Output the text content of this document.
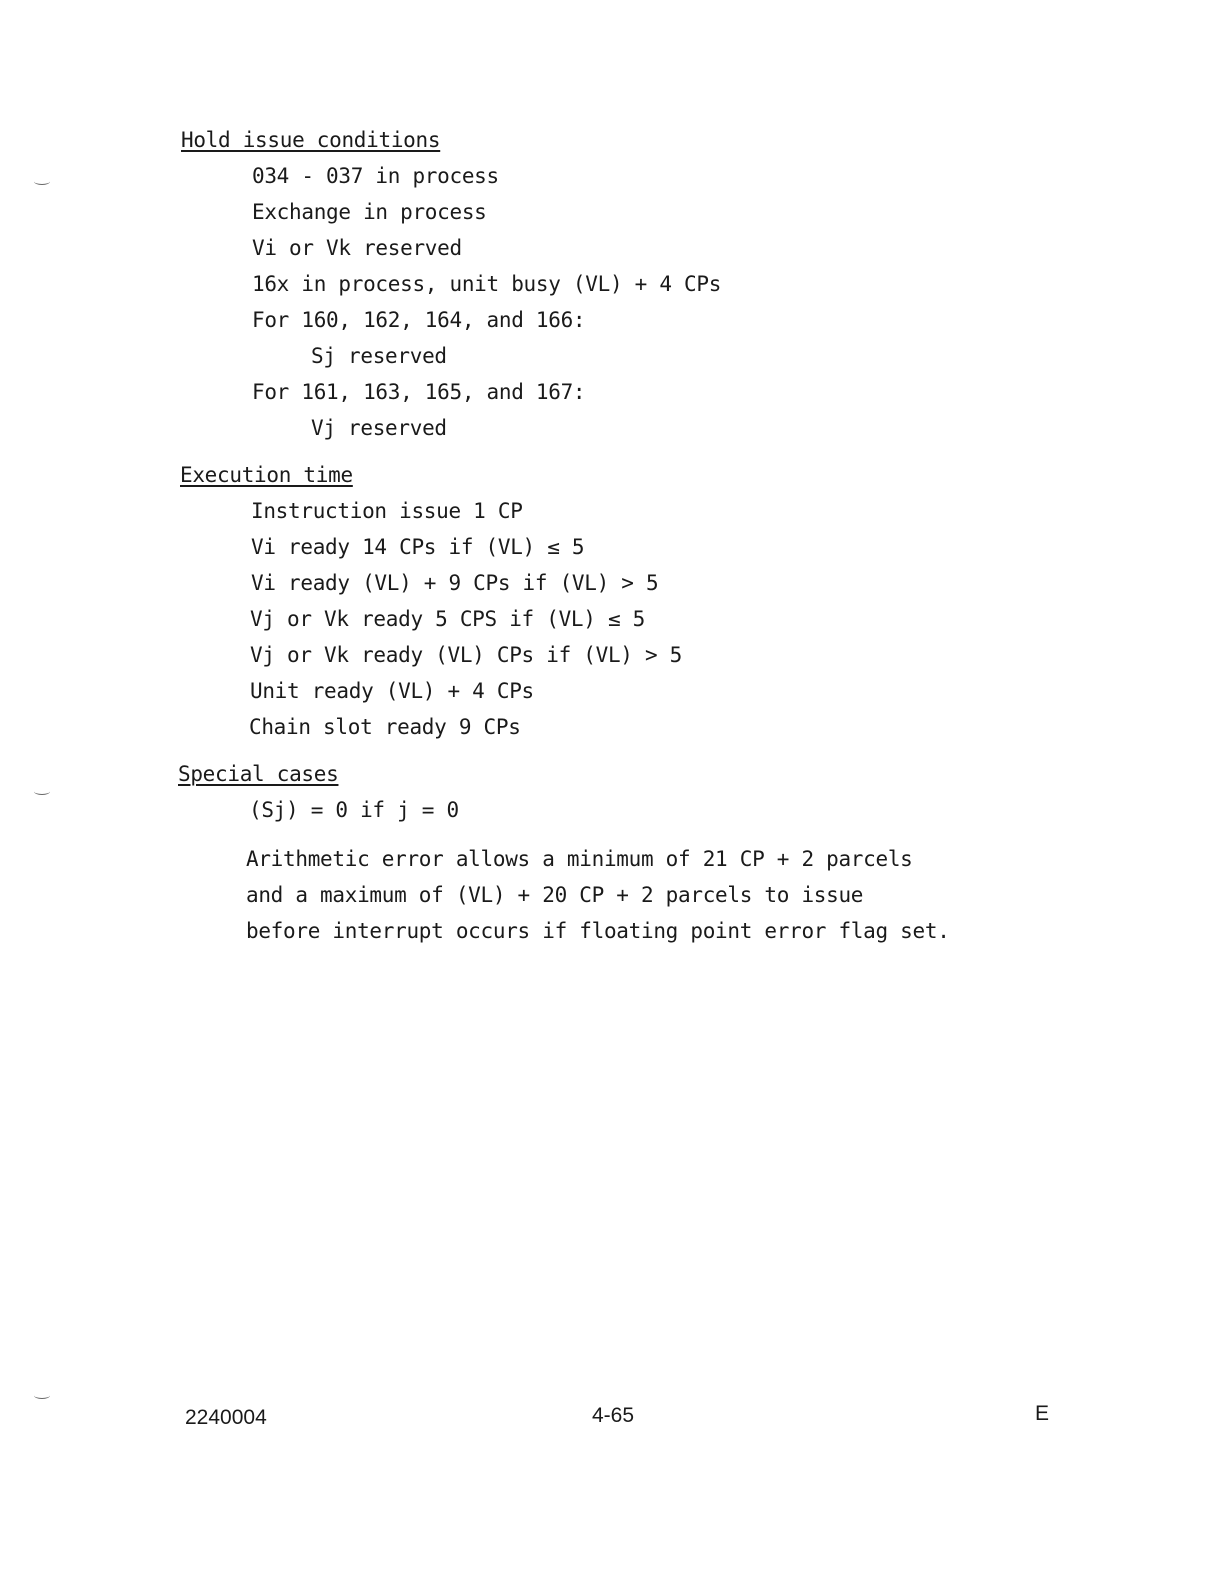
Hold issue conditions
034 - 037 in process
Exchange in process
Vi or Vk reserved
16x in process, unit busy (VL) + 4 CPs
For 160, 162, 164, and 166:
Sj reserved
For 161, 163, 165, and 167:
Vj reserved
Execution time
Instruction issue 1 CP
Vi ready 14 CPs if (VL) ≤ 5
Vi ready (VL) + 9 CPs if (VL) > 5
Vj or Vk ready 5 CPS if (VL) ≤ 5
Vj or Vk ready (VL) CPs if (VL) > 5
Unit ready (VL) + 4 CPs
Chain slot ready 9 CPs
Special cases
(Sj) = 0 if j = 0
Arithmetic error allows a minimum of 21 CP + 2 parcels
and a maximum of (VL) + 20 CP + 2 parcels to issue
before interrupt occurs if floating point error flag set.
2240004	4-65	E
